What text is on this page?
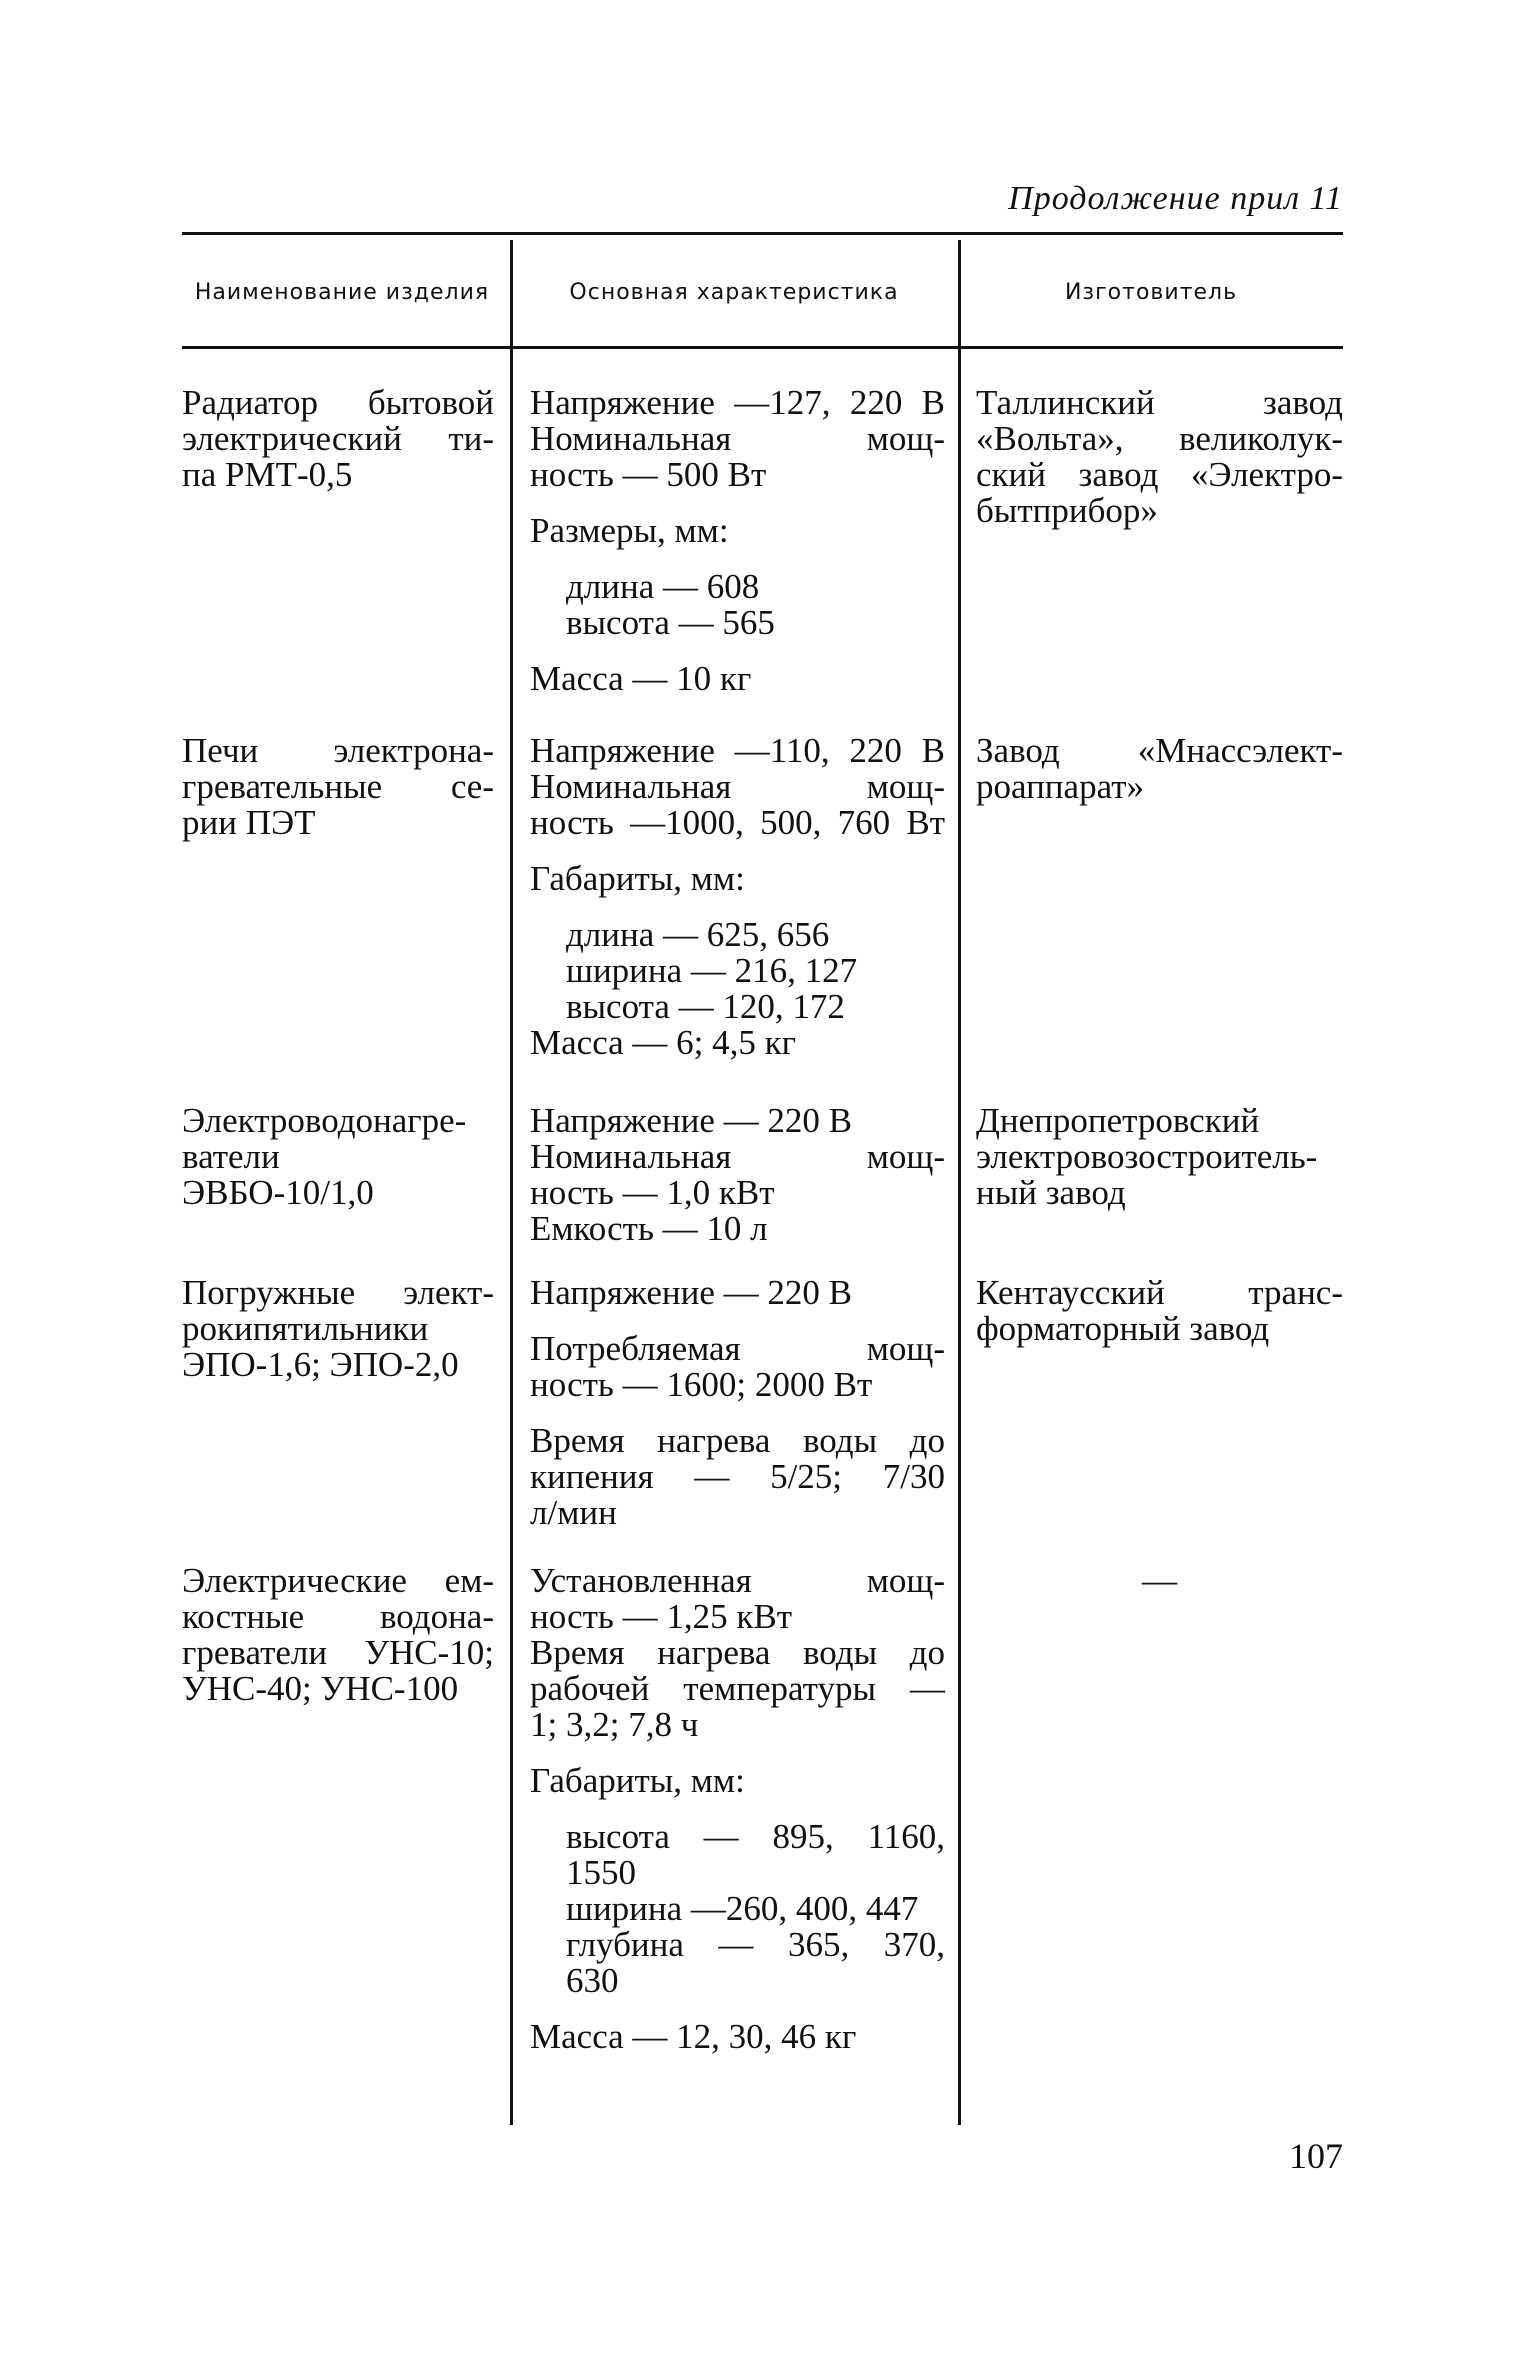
Продолжение прил 11

Наименование изделия	Основная характеристика	Изготовитель
Радиатор бытовой
электрический ти-
па РМТ-0,5
Напряжение —127, 220 В
Номинальная мощ-
ность — 500 Вт
Размеры, мм:
длина — 608
высота — 565
Масса — 10 кг
Таллинский завод
«Вольта», великолук-
ский завод «Электро-
бытприбор»
Печи электрона-
гревательные се-
рии ПЭТ
Напряжение —110, 220 В
Номинальная мощ-
ность —1000, 500, 760 Вт
Габариты, мм:
длина — 625, 656
ширина — 216, 127
высота — 120, 172
Масса — 6; 4,5 кг
Завод «Мнассэлект-
роаппарат»
Электроводонагре-
ватели
ЭВБО-10/1,0
Напряжение — 220 В
Номинальная мощ-
ность — 1,0 кВт
Емкость — 10 л
Днепропетровский
электровозостроитель-
ный завод
Погружные элект-
рокипятильники
ЭПО-1,6; ЭПО-2,0
Напряжение — 220 В
Потребляемая мощ-
ность — 1600; 2000 Вт
Время нагрева воды до
кипения — 5/25; 7/30
л/мин
Кентаусский транс-
форматорный завод
Электрические ем-
костные водона-
греватели УНС-10;
УНС-40; УНС-100
Установленная мощ-
ность — 1,25 кВт
Время нагрева воды до
рабочей температуры —
1; 3,2; 7,8 ч
Габариты, мм:
высота — 895, 1160,
1550
ширина —260, 400, 447
глубина — 365, 370,
630
Масса — 12, 30, 46 кг
—

107
